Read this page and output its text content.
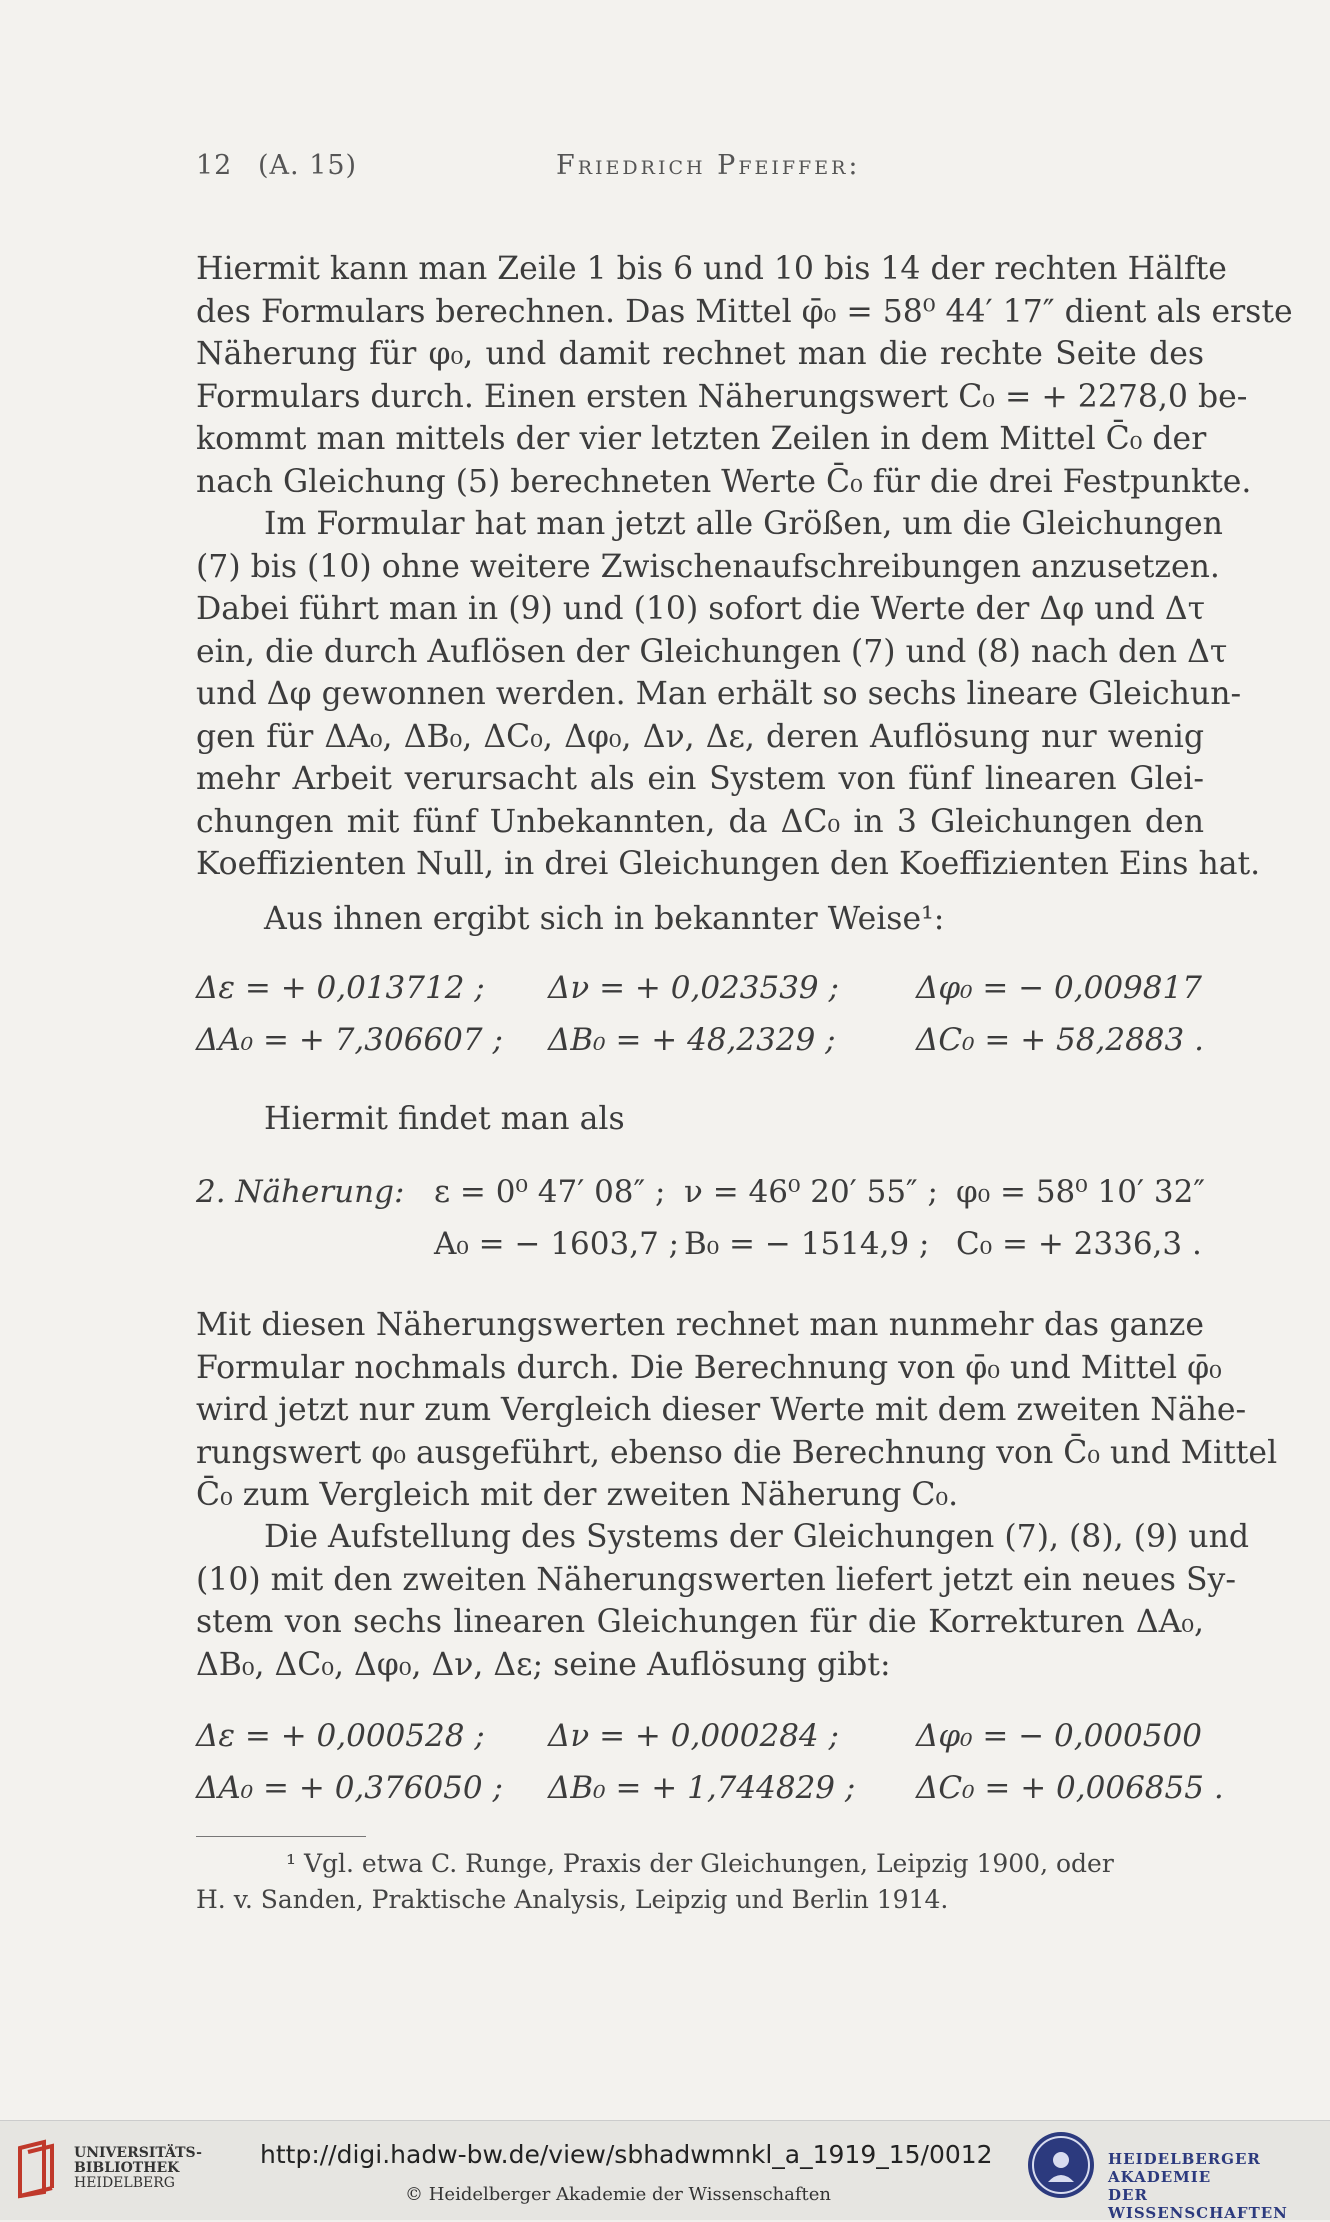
12 (A. 15)	Friedrich Pfeiffer:
Hiermit kann man Zeile 1 bis 6 und 10 bis 14 der rechten Hälfte
des Formulars berechnen. Das Mittel φ̄₀ = 58⁰ 44′ 17″ dient als erste
Näherung für φ₀, und damit rechnet man die rechte Seite des
Formulars durch. Einen ersten Näherungswert C₀ = + 2278,0 be-
kommt man mittels der vier letzten Zeilen in dem Mittel C̄₀ der
nach Gleichung (5) berechneten Werte C̄₀ für die drei Festpunkte.
Im Formular hat man jetzt alle Größen, um die Gleichungen
(7) bis (10) ohne weitere Zwischenaufschreibungen anzusetzen.
Dabei führt man in (9) und (10) sofort die Werte der Δφ und Δτ
ein, die durch Auflösen der Gleichungen (7) und (8) nach den Δτ
und Δφ gewonnen werden. Man erhält so sechs lineare Gleichun-
gen für ΔA₀, ΔB₀, ΔC₀, Δφ₀, Δν, Δε, deren Auflösung nur wenig
mehr Arbeit verursacht als ein System von fünf linearen Glei-
chungen mit fünf Unbekannten, da ΔC₀ in 3 Gleichungen den
Koeffizienten Null, in drei Gleichungen den Koeffizienten Eins hat.
Aus ihnen ergibt sich in bekannter Weise¹:
Δε = + 0,013712 ; Δν = + 0,023539 ; Δφ₀ = − 0,009817
ΔA₀ = + 7,306607 ; ΔB₀ = + 48,2329 ;	ΔC₀ = + 58,2883 .
Hiermit findet man als
2. Näherung: ε = 0⁰ 47′ 08″ ; ν = 46⁰ 20′ 55″ ; φ₀ = 58⁰ 10′ 32″
A₀ = − 1603,7 ; B₀ = − 1514,9 ; C₀ = + 2336,3 .
Mit diesen Näherungswerten rechnet man nunmehr das ganze
Formular nochmals durch. Die Berechnung von φ̄₀ und Mittel φ̄₀
wird jetzt nur zum Vergleich dieser Werte mit dem zweiten Nähe-
rungswert φ₀ ausgeführt, ebenso die Berechnung von C̄₀ und Mittel
C̄₀ zum Vergleich mit der zweiten Näherung C₀.
Die Aufstellung des Systems der Gleichungen (7), (8), (9) und
(10) mit den zweiten Näherungswerten liefert jetzt ein neues Sy-
stem von sechs linearen Gleichungen für die Korrekturen ΔA₀,
ΔB₀, ΔC₀, Δφ₀, Δν, Δε; seine Auflösung gibt:
Δε = + 0,000528 ; Δν = + 0,000284 ; Δφ₀ = − 0,000500
ΔA₀ = + 0,376050 ; ΔB₀ = + 1,744829 ; ΔC₀ = + 0,006855 .
¹ Vgl. etwa C. Runge, Praxis der Gleichungen, Leipzig 1900, oder
H. v. Sanden, Praktische Analysis, Leipzig und Berlin 1914.
UNIVERSITÄTS-
BIBLIOTHEK
HEIDELBERG
http://digi.hadw-bw.de/view/sbhadwmnkl_a_1919_15/0012
© Heidelberger Akademie der Wissenschaften
HEIDELBERGER AKADEMIE
DER WISSENSCHAFTEN
